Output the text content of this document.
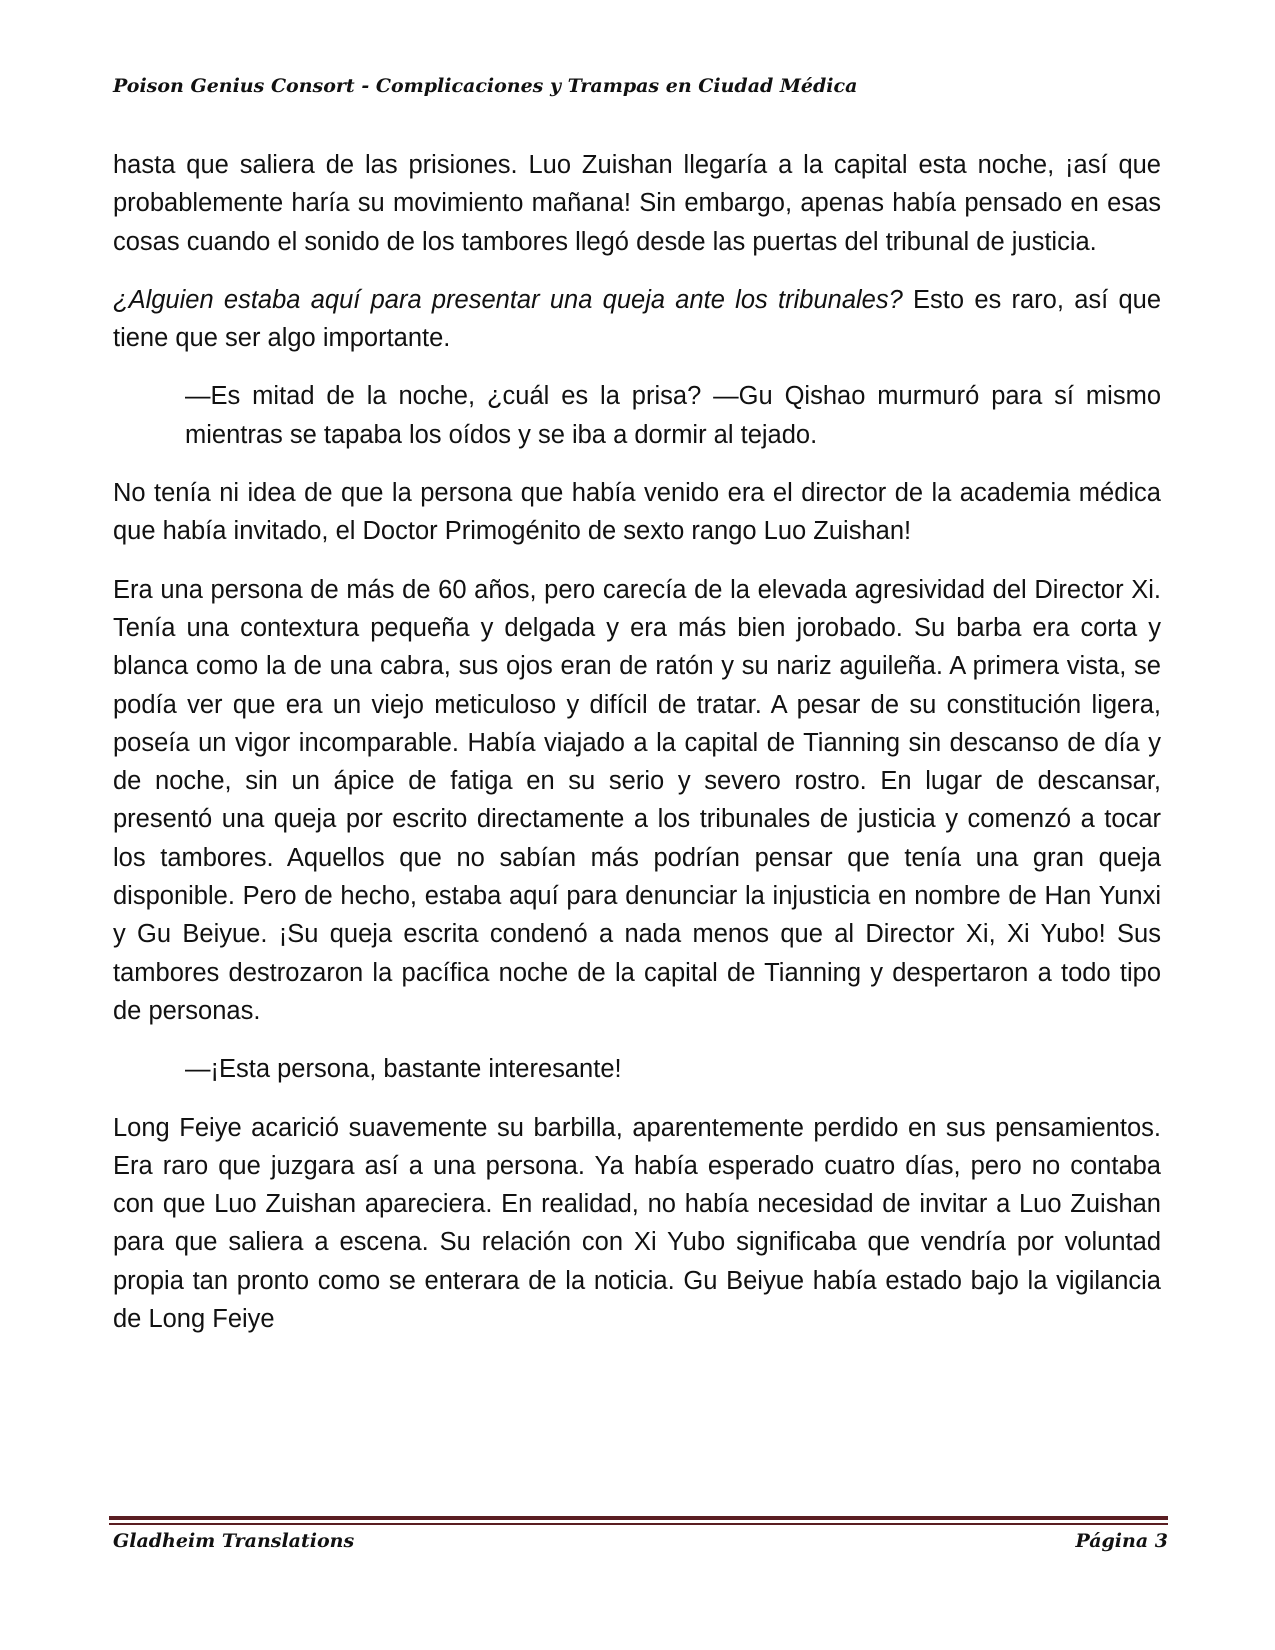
Poison Genius Consort - Complicaciones y Trampas en Ciudad Médica

hasta que saliera de las prisiones. Luo Zuishan llegaría a la capital esta noche, ¡así que probablemente haría su movimiento mañana! Sin embargo, apenas había pensado en esas cosas cuando el sonido de los tambores llegó desde las puertas del tribunal de justicia.

¿Alguien estaba aquí para presentar una queja ante los tribunales? Esto es raro, así que tiene que ser algo importante.

—Es mitad de la noche, ¿cuál es la prisa? —Gu Qishao murmuró para sí mismo mientras se tapaba los oídos y se iba a dormir al tejado.

No tenía ni idea de que la persona que había venido era el director de la academia médica que había invitado, el Doctor Primogénito de sexto rango Luo Zuishan!

Era una persona de más de 60 años, pero carecía de la elevada agresividad del Director Xi. Tenía una contextura pequeña y delgada y era más bien jorobado. Su barba era corta y blanca como la de una cabra, sus ojos eran de ratón y su nariz aguileña. A primera vista, se podía ver que era un viejo meticuloso y difícil de tratar. A pesar de su constitución ligera, poseía un vigor incomparable. Había viajado a la capital de Tianning sin descanso de día y de noche, sin un ápice de fatiga en su serio y severo rostro. En lugar de descansar, presentó una queja por escrito directamente a los tribunales de justicia y comenzó a tocar los tambores. Aquellos que no sabían más podrían pensar que tenía una gran queja disponible. Pero de hecho, estaba aquí para denunciar la injusticia en nombre de Han Yunxi y Gu Beiyue. ¡Su queja escrita condenó a nada menos que al Director Xi, Xi Yubo! Sus tambores destrozaron la pacífica noche de la capital de Tianning y despertaron a todo tipo de personas.

—¡Esta persona, bastante interesante!

Long Feiye acarició suavemente su barbilla, aparentemente perdido en sus pensamientos. Era raro que juzgara así a una persona. Ya había esperado cuatro días, pero no contaba con que Luo Zuishan apareciera. En realidad, no había necesidad de invitar a Luo Zuishan para que saliera a escena. Su relación con Xi Yubo significaba que vendría por voluntad propia tan pronto como se enterara de la noticia. Gu Beiyue había estado bajo la vigilancia de Long Feiye

Gladheim Translations	Página 3
